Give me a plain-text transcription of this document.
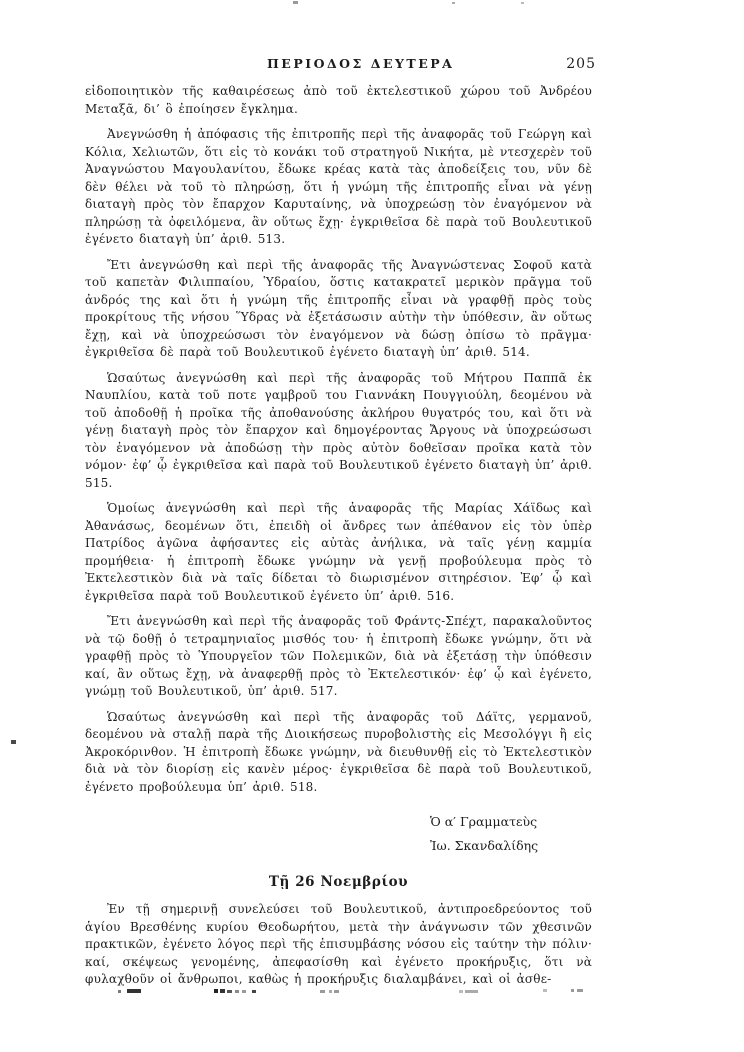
ΠΕΡΙΟΔΟΣ ΔΕΥΤΕΡΑ	205

εἰδοποιητικὸν τῆς καθαιρέσεως ἀπὸ τοῦ ἐκτελεστικοῦ χώρου τοῦ Ἀνδρέου Μεταξᾶ, δι’ ὃ ἐποίησεν ἔγκλημα.

Ἀνεγνώσθη ἡ ἀπόφασις τῆς ἐπιτροπῆς περὶ τῆς ἀναφορᾶς τοῦ Γεώργη καὶ Κόλια, Χελιωτῶν, ὅτι εἰς τὸ κονάκι τοῦ στρατηγοῦ Νικήτα, μὲ ντεσχερὲν τοῦ Ἀναγνώστου Μαγουλανίτου, ἔδωκε κρέας κατὰ τὰς ἀποδείξεις του, νῦν δὲ δὲν θέλει νὰ τοῦ τὸ πληρώσῃ, ὅτι ἡ γνώμη τῆς ἐπιτροπῆς εἶναι νὰ γένῃ διαταγὴ πρὸς τὸν ἔπαρχον Καρυταίνης, νὰ ὑποχρεώσῃ τὸν ἐναγόμενον νὰ πληρώσῃ τὰ ὀφειλόμενα, ἂν οὕτως ἔχῃ· ἐγκριθεῖσα δὲ παρὰ τοῦ Βουλευτικοῦ ἐγένετο διαταγὴ ὑπ’ ἀριθ. 513.

Ἔτι ἀνεγνώσθη καὶ περὶ τῆς ἀναφορᾶς τῆς Ἀναγνώστενας Σοφοῦ κατὰ τοῦ καπετὰν Φιλιππαίου, Ὑδραίου, ὅστις κατακρατεῖ μερικὸν πρᾶγμα τοῦ ἀνδρός της καὶ ὅτι ἡ γνώμη τῆς ἐπιτροπῆς εἶναι νὰ γραφθῇ πρὸς τοὺς προκρίτους τῆς νήσου Ὕδρας νὰ ἐξετάσωσιν αὐτὴν τὴν ὑπόθεσιν, ἂν οὕτως ἔχῃ, καὶ νὰ ὑποχρεώσωσι τὸν ἐναγόμενον νὰ δώσῃ ὀπίσω τὸ πρᾶγμα· ἐγκριθεῖσα δὲ παρὰ τοῦ Βουλευτικοῦ ἐγένετο διαταγὴ ὑπ’ ἀριθ. 514.

Ὡσαύτως ἀνεγνώσθη καὶ περὶ τῆς ἀναφορᾶς τοῦ Μήτρου Παππᾶ ἐκ Ναυπλίου, κατὰ τοῦ ποτε γαμβροῦ του Γιαννάκη Πουγγιούλη, δεομένου νὰ τοῦ ἀποδοθῇ ἡ προῖκα τῆς ἀποθανούσης ἀκλήρου θυγατρός του, καὶ ὅτι νὰ γένῃ διαταγὴ πρὸς τὸν ἔπαρχον καὶ δημογέροντας Ἄργους νὰ ὑποχρεώσωσι τὸν ἐναγόμενον νὰ ἀποδώσῃ τὴν πρὸς αὐτὸν δοθεῖσαν προῖκα κατὰ τὸν νόμον· ἐφ’ ᾧ ἐγκριθεῖσα καὶ παρὰ τοῦ Βουλευτικοῦ ἐγένετο διαταγὴ ὑπ’ ἀριθ. 515.

Ὁμοίως ἀνεγνώσθη καὶ περὶ τῆς ἀναφορᾶς τῆς Μαρίας Χάϊδως καὶ Ἀθανάσως, δεομένων ὅτι, ἐπειδὴ οἱ ἄνδρες των ἀπέθανον εἰς τὸν ὑπὲρ Πατρίδος ἀγῶνα ἀφήσαντες εἰς αὐτὰς ἀνήλικα, νὰ ταῖς γένῃ καμμία προμήθεια· ἡ ἐπιτροπὴ ἔδωκε γνώμην νὰ γενῇ προβούλευμα πρὸς τὸ Ἐκτελεστικὸν διὰ νὰ ταῖς δίδεται τὸ διωρισμένον σιτηρέσιον. Ἐφ’ ᾧ καὶ ἐγκριθεῖσα παρὰ τοῦ Βουλευτικοῦ ἐγένετο ὑπ’ ἀριθ. 516.

Ἔτι ἀνεγνώσθη καὶ περὶ τῆς ἀναφορᾶς τοῦ Φράντς-Σπέχτ, παρακαλοῦντος νὰ τῷ δοθῇ ὁ τετραμηνιαῖος μισθός του· ἡ ἐπιτροπὴ ἔδωκε γνώμην, ὅτι νὰ γραφθῇ πρὸς τὸ Ὑπουργεῖον τῶν Πολεμικῶν, διὰ νὰ ἐξετάσῃ τὴν ὑπόθεσιν καί, ἂν οὕτως ἔχῃ, νὰ ἀναφερθῇ πρὸς τὸ Ἐκτελεστικόν· ἐφ’ ᾧ καὶ ἐγένετο, γνώμῃ τοῦ Βουλευτικοῦ, ὑπ’ ἀριθ. 517.

Ὡσαύτως ἀνεγνώσθη καὶ περὶ τῆς ἀναφορᾶς τοῦ Δάϊτς, γερμανοῦ, δεομένου νὰ σταλῇ παρὰ τῆς Διοικήσεως πυροβολιστὴς εἰς Μεσολόγγι ἢ εἰς Ἀκροκόρινθον. Ἡ ἐπιτροπὴ ἔδωκε γνώμην, νὰ διευθυνθῇ εἰς τὸ Ἐκτελεστικὸν διὰ νὰ τὸν διορίσῃ εἰς κανὲν μέρος· ἐγκριθεῖσα δὲ παρὰ τοῦ Βουλευτικοῦ, ἐγένετο προβούλευμα ὑπ’ ἀριθ. 518.

Ὁ α′ Γραμματεὺς
Ἰω. Σκανδαλίδης
Τῇ 26 Νοεμβρίου

Ἐν τῇ σημερινῇ συνελεύσει τοῦ Βουλευτικοῦ, ἀντιπροεδρεύοντος τοῦ ἁγίου Βρεσθένης κυρίου Θεοδωρήτου, μετὰ τὴν ἀνάγνωσιν τῶν χθεσινῶν πρακτικῶν, ἐγένετο λόγος περὶ τῆς ἐπισυμβάσης νόσου εἰς ταύτην τὴν πόλιν· καί, σκέψεως γενομένης, ἀπεφασίσθη καὶ ἐγένετο προκήρυξις, ὅτι νὰ φυλαχθοῦν οἱ ἄνθρωποι, καθὼς ἡ προκήρυξις διαλαμβάνει, καὶ οἱ ἀσθε-
